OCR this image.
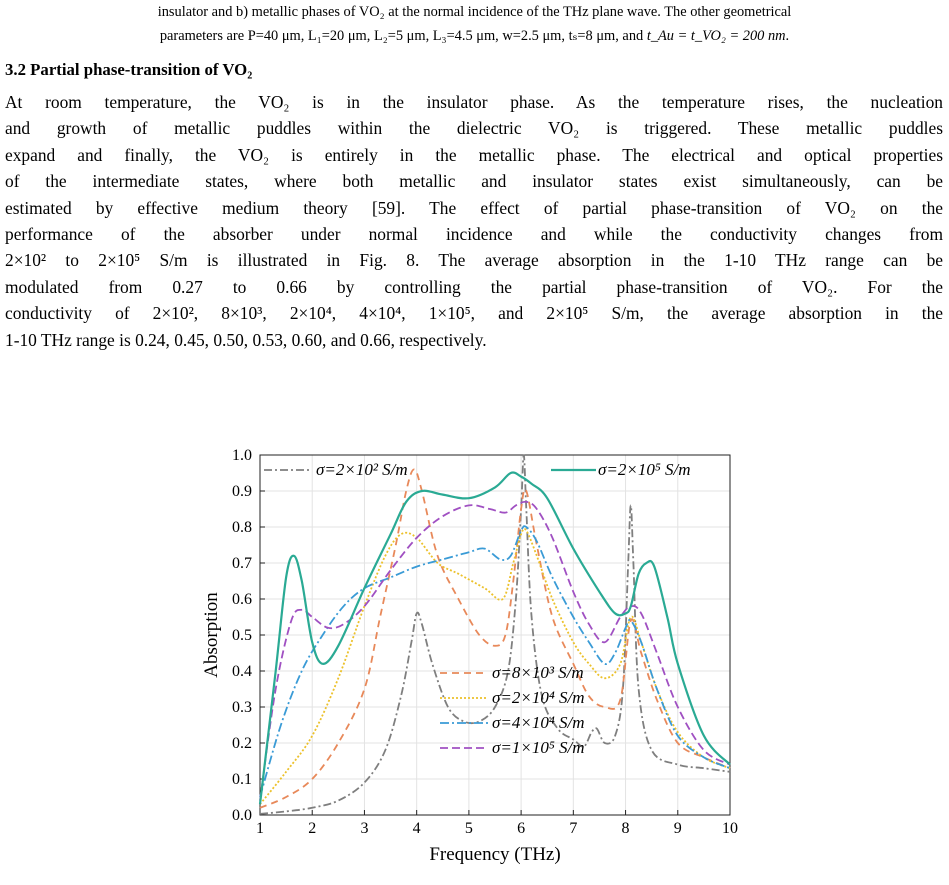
insulator and b) metallic phases of VO₂ at the normal incidence of the THz plane wave. The other geometrical
parameters are P=40 μm, L₁=20 μm, L₂=5 μm, L₃=4.5 μm, w=2.5 μm, tₛ=8 μm, and t_Au = t_VO₂ = 200 nm.
3.2 Partial phase-transition of VO₂
At room temperature, the VO₂ is in the insulator phase. As the temperature rises, the nucleation
and growth of metallic puddles within the dielectric VO₂ is triggered. These metallic puddles
expand and finally, the VO₂ is entirely in the metallic phase. The electrical and optical properties
of the intermediate states, where both metallic and insulator states exist simultaneously, can be
estimated by effective medium theory [59]. The effect of partial phase-transition of VO₂ on the
performance of the absorber under normal incidence and while the conductivity changes from
2×10² to 2×10⁵ S/m is illustrated in Fig. 8. The average absorption in the 1-10 THz range can be
modulated from 0.27 to 0.66 by controlling the partial phase-transition of VO₂. For the
conductivity of 2×10², 8×10³, 2×10⁴, 4×10⁴, 1×10⁵, and 2×10⁵ S/m, the average absorption in the
1-10 THz range is 0.24, 0.45, 0.50, 0.53, 0.60, and 0.66, respectively.
1	2	3	4	5	6	7	8	9	10
0.0
0.1
0.2
0.3
0.4
0.5
0.6
0.7
0.8
0.9
1.0
Frequency (THz)
Absorption
σ=2×10² S/m
σ=8×10³ S/m
σ=2×10⁴ S/m
σ=4×10⁴ S/m
σ=1×10⁵ S/m
σ=2×10⁵ S/m
